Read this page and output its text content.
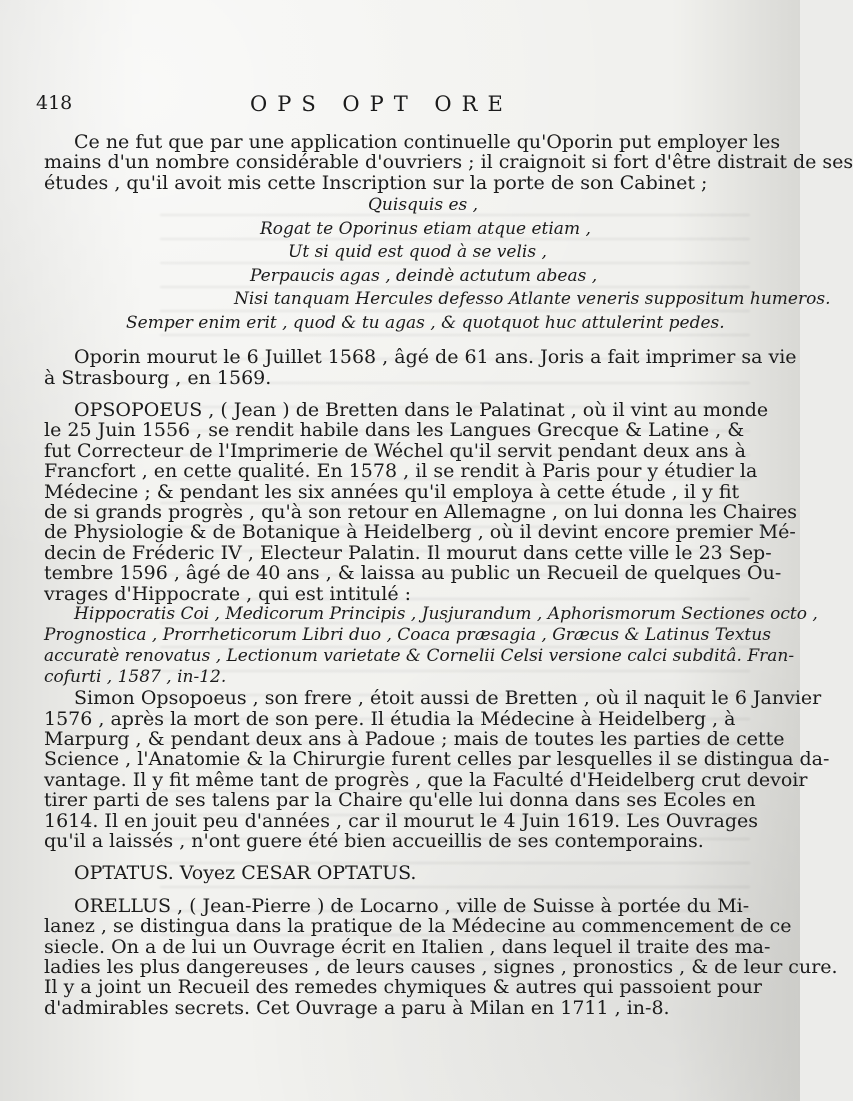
418	OPS OPT ORE
Ce ne fut que par une application continuelle qu'Oporin put employer les
mains d'un nombre considérable d'ouvriers ; il craignoit si fort d'être distrait de ses
études , qu'il avoit mis cette Inscription sur la porte de son Cabinet ;
Quisquis es ,
Rogat te Oporinus etiam atque etiam ,
Ut si quid est quod à se velis ,
Perpaucis agas , deindè actutum abeas ,
Nisi tanquam Hercules defesso Atlante veneris suppositum humeros.
Semper enim erit , quod & tu agas , & quotquot huc attulerint pedes.
Oporin mourut le 6 Juillet 1568 , âgé de 61 ans. Joris a fait imprimer sa vie
à Strasbourg , en 1569.
OPSOPOEUS , ( Jean ) de Bretten dans le Palatinat , où il vint au monde
le 25 Juin 1556 , se rendit habile dans les Langues Grecque & Latine , &
fut Correcteur de l'Imprimerie de Wéchel qu'il servit pendant deux ans à
Francfort , en cette qualité. En 1578 , il se rendit à Paris pour y étudier la
Médecine ; & pendant les six années qu'il employa à cette étude , il y fit
de si grands progrès , qu'à son retour en Allemagne , on lui donna les Chaires
de Physiologie & de Botanique à Heidelberg , où il devint encore premier Mé-
decin de Fréderic IV , Electeur Palatin. Il mourut dans cette ville le 23 Sep-
tembre 1596 , âgé de 40 ans , & laissa au public un Recueil de quelques Ou-
vrages d'Hippocrate , qui est intitulé :
Hippocratis Coi , Medicorum Principis , Jusjurandum , Aphorismorum Sectiones octo ,
Prognostica , Prorrheticorum Libri duo , Coaca præsagia , Græcus & Latinus Textus
accuratè renovatus , Lectionum varietate & Cornelii Celsi versione calci subditâ. Fran-
cofurti , 1587 , in-12.
Simon Opsopoeus , son frere , étoit aussi de Bretten , où il naquit le 6 Janvier
1576 , après la mort de son pere. Il étudia la Médecine à Heidelberg , à
Marpurg , & pendant deux ans à Padoue ; mais de toutes les parties de cette
Science , l'Anatomie & la Chirurgie furent celles par lesquelles il se distingua da-
vantage. Il y fit même tant de progrès , que la Faculté d'Heidelberg crut devoir
tirer parti de ses talens par la Chaire qu'elle lui donna dans ses Ecoles en
1614. Il en jouit peu d'années , car il mourut le 4 Juin 1619. Les Ouvrages
qu'il a laissés , n'ont guere été bien accueillis de ses contemporains.
OPTATUS. Voyez CESAR OPTATUS.
ORELLUS , ( Jean-Pierre ) de Locarno , ville de Suisse à portée du Mi-
lanez , se distingua dans la pratique de la Médecine au commencement de ce
siecle. On a de lui un Ouvrage écrit en Italien , dans lequel il traite des ma-
ladies les plus dangereuses , de leurs causes , signes , pronostics , & de leur cure.
Il y a joint un Recueil des remedes chymiques & autres qui passoient pour
d'admirables secrets. Cet Ouvrage a paru à Milan en 1711 , in-8.
